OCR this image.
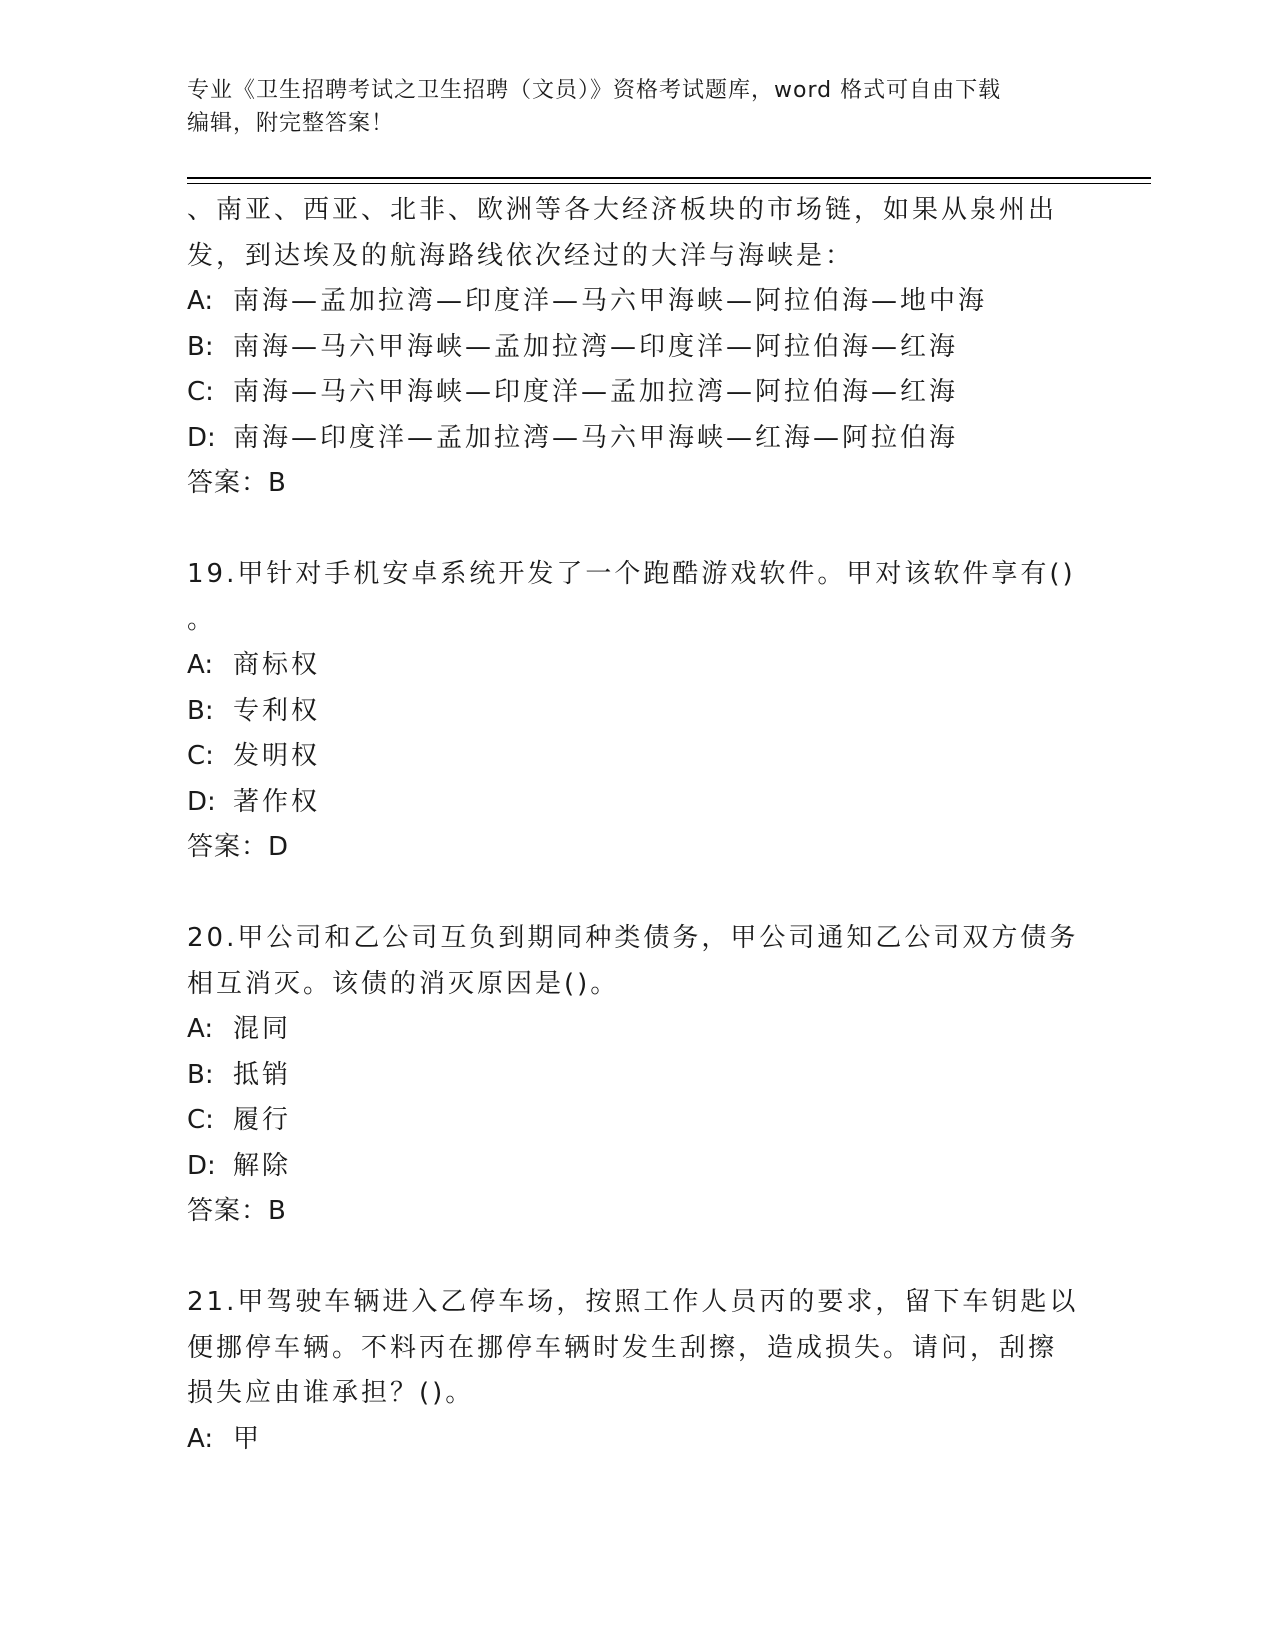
专业《卫生招聘考试之卫生招聘（文员）》资格考试题库，word 格式可自由下载
编辑，附完整答案！
、南亚、西亚、北非、欧洲等各大经济板块的市场链，如果从泉州出
发，到达埃及的航海路线依次经过的大洋与海峡是：
A: 南海—孟加拉湾—印度洋—马六甲海峡—阿拉伯海—地中海
B: 南海—马六甲海峡—孟加拉湾—印度洋—阿拉伯海—红海
C: 南海—马六甲海峡—印度洋—孟加拉湾—阿拉伯海—红海
D: 南海—印度洋—孟加拉湾—马六甲海峡—红海—阿拉伯海
答案：B
19.甲针对手机安卓系统开发了一个跑酷游戏软件。甲对该软件享有()
。
A: 商标权
B: 专利权
C: 发明权
D: 著作权
答案：D
20.甲公司和乙公司互负到期同种类债务，甲公司通知乙公司双方债务
相互消灭。该债的消灭原因是()。
A: 混同
B: 抵销
C: 履行
D: 解除
答案：B
21.甲驾驶车辆进入乙停车场，按照工作人员丙的要求，留下车钥匙以
便挪停车辆。不料丙在挪停车辆时发生刮擦，造成损失。请问，刮擦
损失应由谁承担？()。
A: 甲
